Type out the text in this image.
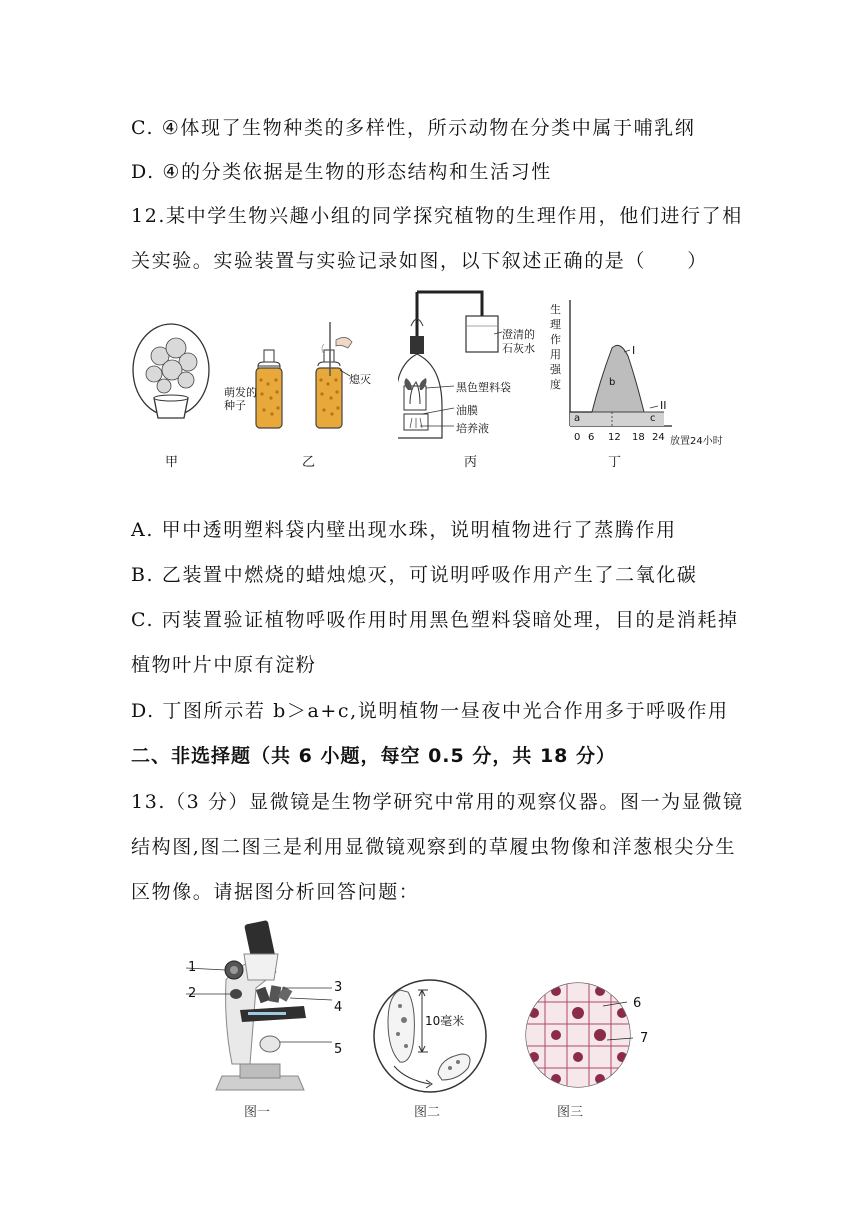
C. ④体现了生物种类的多样性，所示动物在分类中属于哺乳纲
D. ④的分类依据是生物的形态结构和生活习性
12.某中学生物兴趣小组的同学探究植物的生理作用，他们进行了相
关实验。实验装置与实验记录如图，以下叙述正确的是（　　）
甲
萌发的
种子
熄灭
乙
澄清的
石灰水
黑色塑料袋
油膜
培养液
丙
生
理
作
用
强
度
a
b
c
I
II
0 6 12 18 24 放置24小时
丁
A. 甲中透明塑料袋内壁出现水珠，说明植物进行了蒸腾作用
B. 乙装置中燃烧的蜡烛熄灭，可说明呼吸作用产生了二氧化碳
C. 丙装置验证植物呼吸作用时用黑色塑料袋暗处理，目的是消耗掉
植物叶片中原有淀粉
D. 丁图所示若 b＞a+c,说明植物一昼夜中光合作用多于呼吸作用
二、非选择题（共 6 小题，每空 0.5 分，共 18 分）
13.（3 分）显微镜是生物学研究中常用的观察仪器。图一为显微镜
结构图,图二图三是利用显微镜观察到的草履虫物像和洋葱根尖分生
区物像。请据图分析回答问题：
1
2	3
4
5
图一
10毫米
图二
6
7
图三
